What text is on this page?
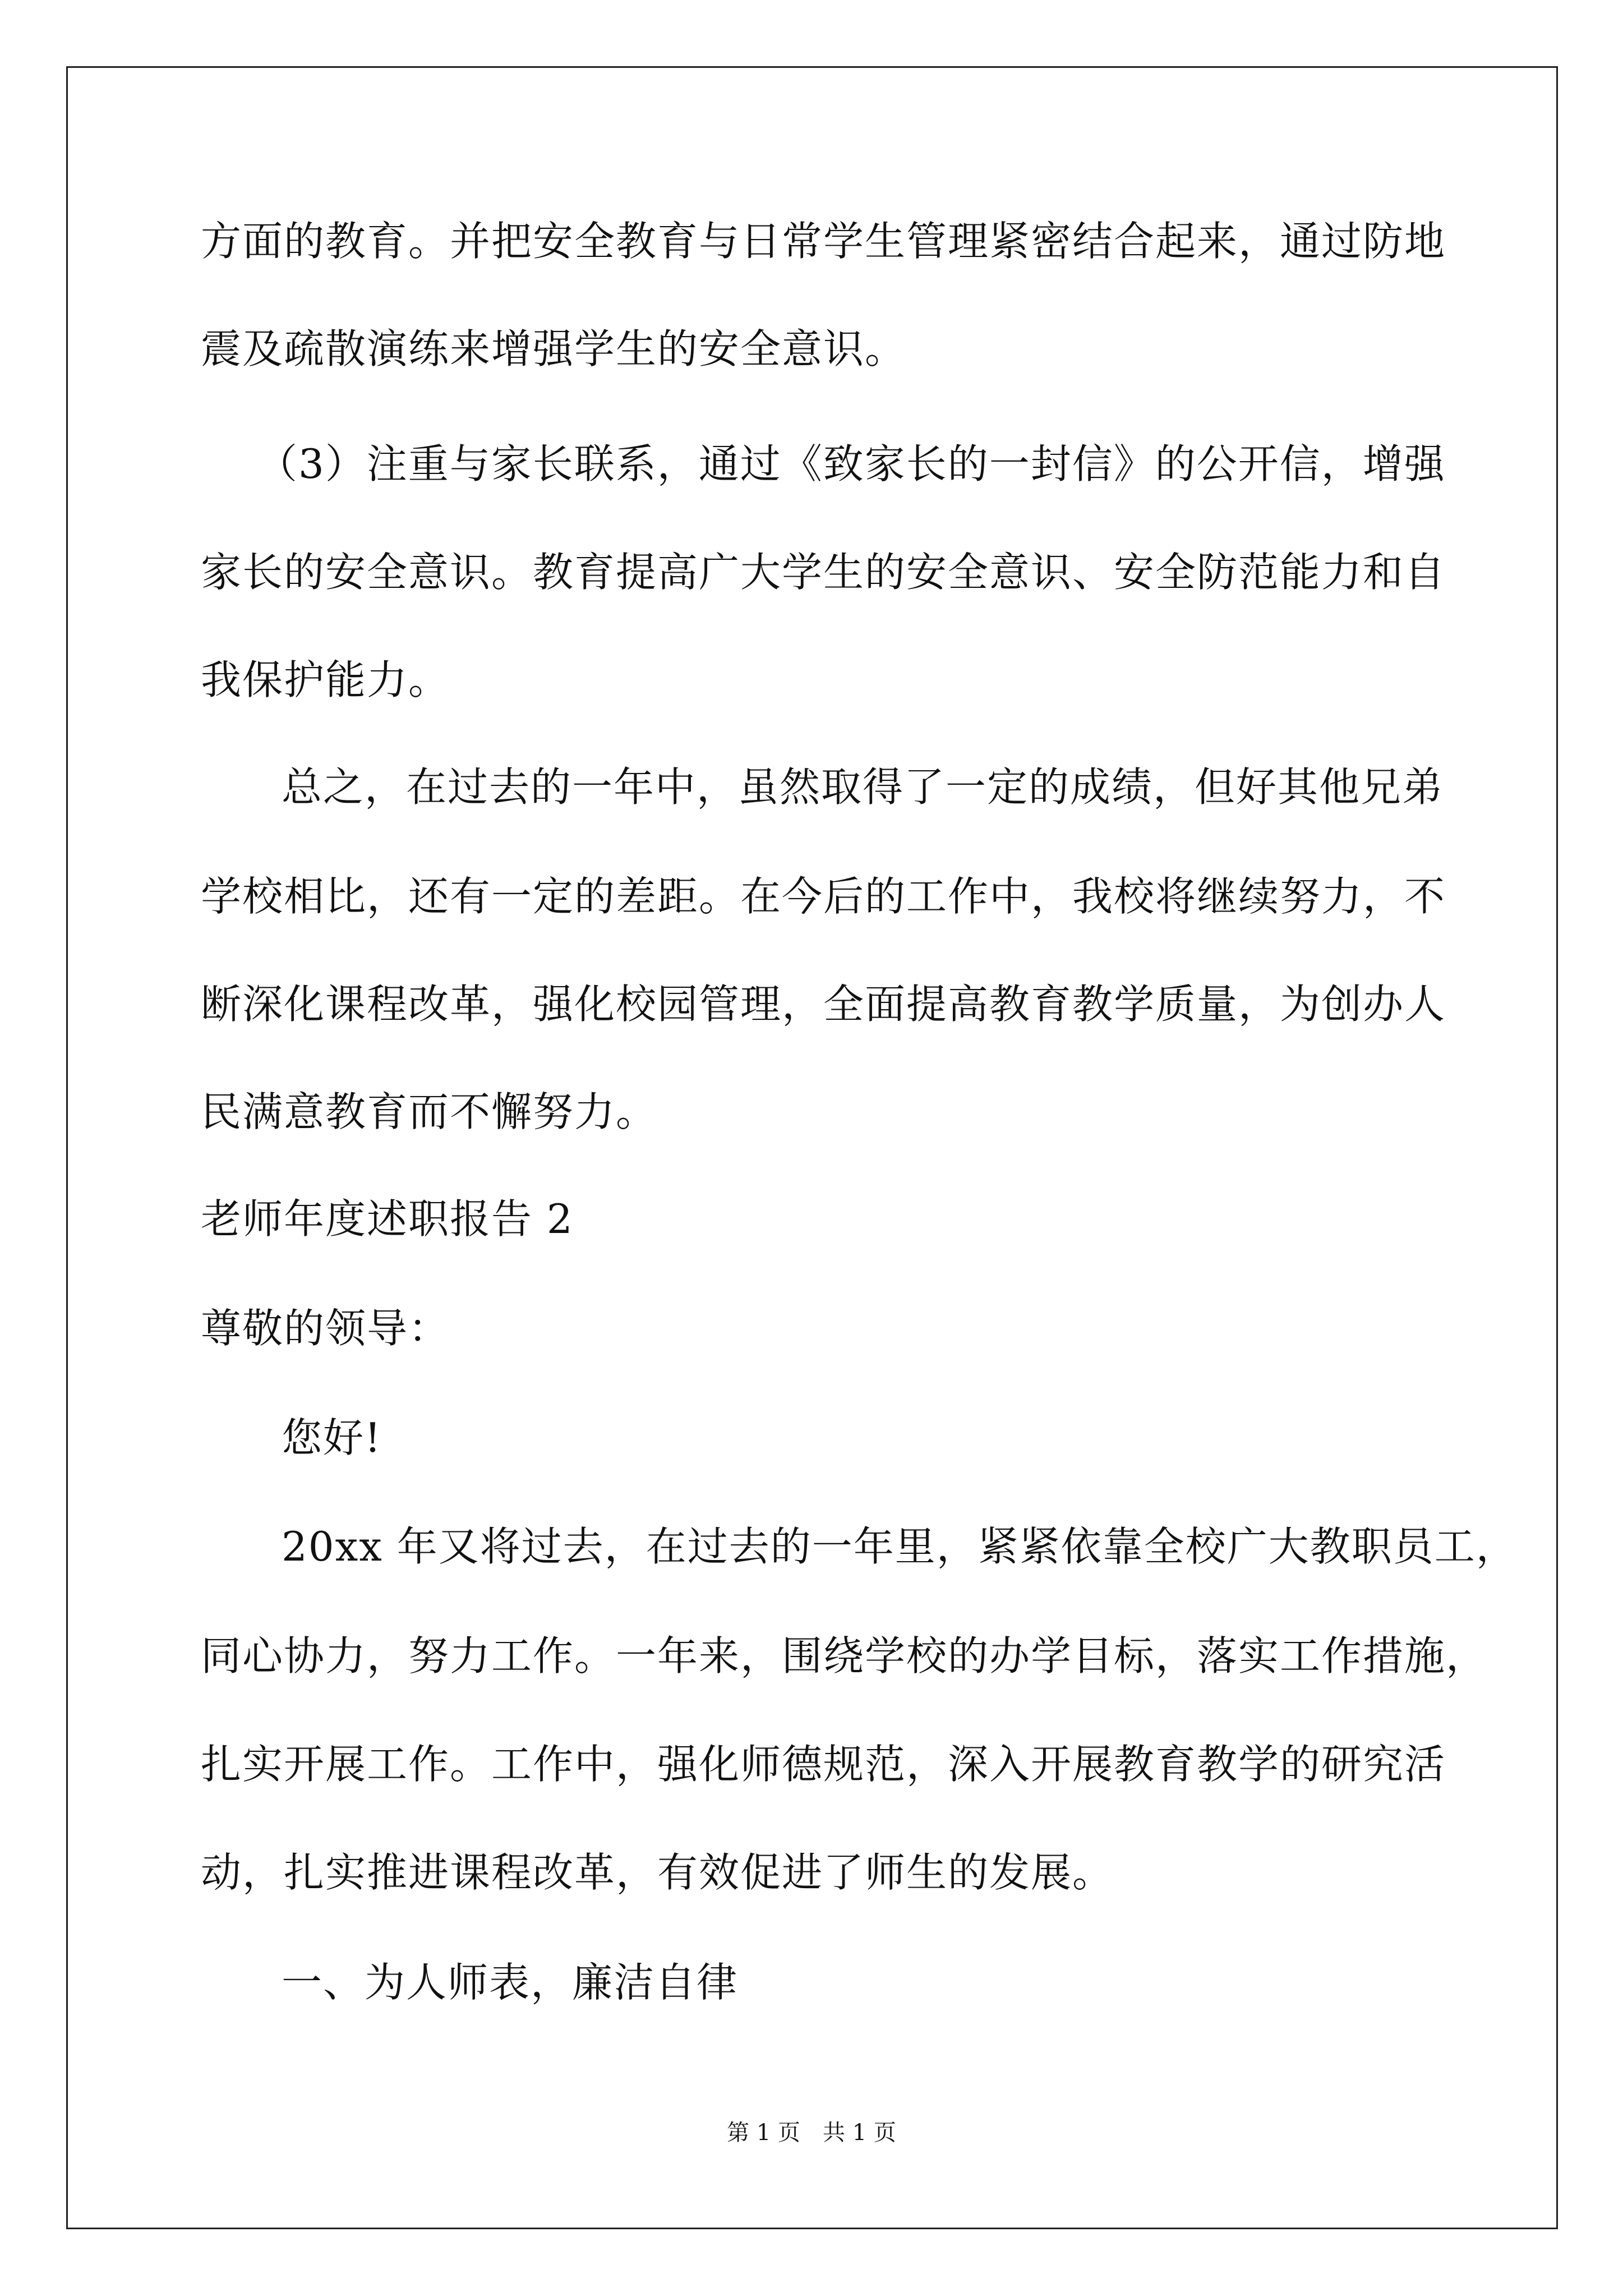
方面的教育。并把安全教育与日常学生管理紧密结合起来，通过防地
震及疏散演练来增强学生的安全意识。
（3）注重与家长联系，通过《致家长的一封信》的公开信，增强
家长的安全意识。教育提高广大学生的安全意识、安全防范能力和自
我保护能力。
总之，在过去的一年中，虽然取得了一定的成绩，但好其他兄弟
学校相比，还有一定的差距。在今后的工作中，我校将继续努力，不
断深化课程改革，强化校园管理，全面提高教育教学质量，为创办人
民满意教育而不懈努力。
老师年度述职报告 2
尊敬的领导：
您好!
20xx 年又将过去，在过去的一年里，紧紧依靠全校广大教职员工，
同心协力，努力工作。一年来，围绕学校的办学目标，落实工作措施，
扎实开展工作。工作中，强化师德规范，深入开展教育教学的研究活
动，扎实推进课程改革，有效促进了师生的发展。
一、为人师表，廉洁自律
第 1 页　共 1 页
